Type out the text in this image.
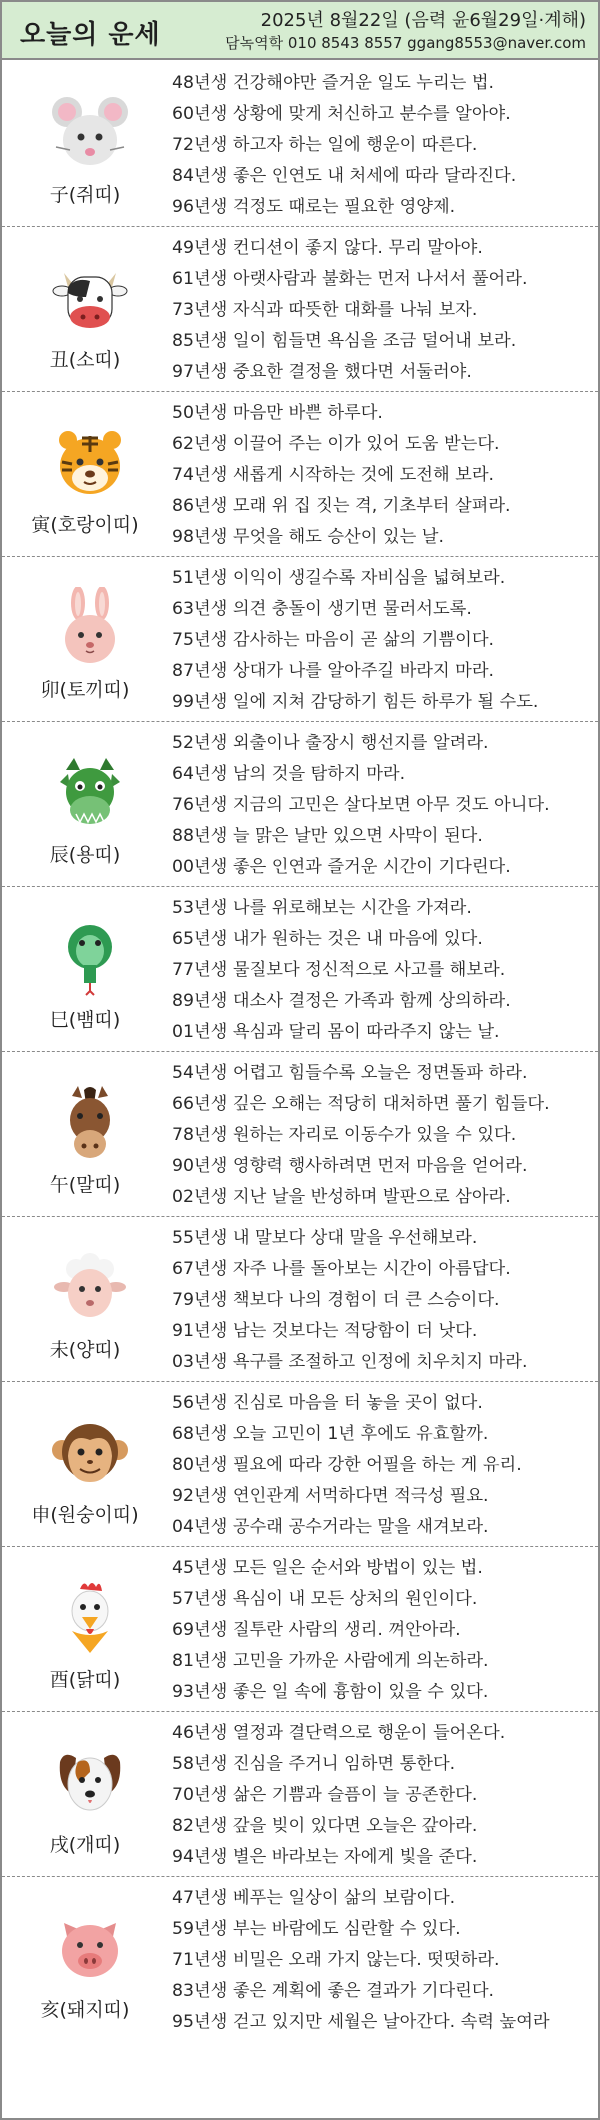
오늘의 운세	2025년 8월22일 (음력 윤6월29일·계해)
담녹역학 010 8543 8557 ggang8553@naver.com
子(쥐띠)
48년생 건강해야만 즐거운 일도 누리는 법.
60년생 상황에 맞게 처신하고 분수를 알아야.
72년생 하고자 하는 일에 행운이 따른다.
84년생 좋은 인연도 내 처세에 따라 달라진다.
96년생 걱정도 때로는 필요한 영양제.
丑(소띠)
49년생 컨디션이 좋지 않다. 무리 말아야.
61년생 아랫사람과 불화는 먼저 나서서 풀어라.
73년생 자식과 따뜻한 대화를 나눠 보자.
85년생 일이 힘들면 욕심을 조금 덜어내 보라.
97년생 중요한 결정을 했다면 서둘러야.
寅(호랑이띠)
50년생 마음만 바쁜 하루다.
62년생 이끌어 주는 이가 있어 도움 받는다.
74년생 새롭게 시작하는 것에 도전해 보라.
86년생 모래 위 집 짓는 격, 기초부터 살펴라.
98년생 무엇을 해도 승산이 있는 날.
卯(토끼띠)
51년생 이익이 생길수록 자비심을 넓혀보라.
63년생 의견 충돌이 생기면 물러서도록.
75년생 감사하는 마음이 곧 삶의 기쁨이다.
87년생 상대가 나를 알아주길 바라지 마라.
99년생 일에 지쳐 감당하기 힘든 하루가 될 수도.
辰(용띠)
52년생 외출이나 출장시 행선지를 알려라.
64년생 남의 것을 탐하지 마라.
76년생 지금의 고민은 살다보면 아무 것도 아니다.
88년생 늘 맑은 날만 있으면 사막이 된다.
00년생 좋은 인연과 즐거운 시간이 기다린다.
巳(뱀띠)
53년생 나를 위로해보는 시간을 가져라.
65년생 내가 원하는 것은 내 마음에 있다.
77년생 물질보다 정신적으로 사고를 해보라.
89년생 대소사 결정은 가족과 함께 상의하라.
01년생 욕심과 달리 몸이 따라주지 않는 날.
午(말띠)
54년생 어렵고 힘들수록 오늘은 정면돌파 하라.
66년생 깊은 오해는 적당히 대처하면 풀기 힘들다.
78년생 원하는 자리로 이동수가 있을 수 있다.
90년생 영향력 행사하려면 먼저 마음을 얻어라.
02년생 지난 날을 반성하며 발판으로 삼아라.
未(양띠)
55년생 내 말보다 상대 말을 우선해보라.
67년생 자주 나를 돌아보는 시간이 아름답다.
79년생 책보다 나의 경험이 더 큰 스승이다.
91년생 남는 것보다는 적당함이 더 낫다.
03년생 욕구를 조절하고 인정에 치우치지 마라.
申(원숭이띠)
56년생 진심로 마음을 터 놓을 곳이 없다.
68년생 오늘 고민이 1년 후에도 유효할까.
80년생 필요에 따라 강한 어필을 하는 게 유리.
92년생 연인관계 서먹하다면 적극성 필요.
04년생 공수래 공수거라는 말을 새겨보라.
酉(닭띠)
45년생 모든 일은 순서와 방법이 있는 법.
57년생 욕심이 내 모든 상처의 원인이다.
69년생 질투란 사람의 생리. 껴안아라.
81년생 고민을 가까운 사람에게 의논하라.
93년생 좋은 일 속에 흉함이 있을 수 있다.
戌(개띠)
46년생 열정과 결단력으로 행운이 들어온다.
58년생 진심을 주거니 임하면 통한다.
70년생 삶은 기쁨과 슬픔이 늘 공존한다.
82년생 갚을 빚이 있다면 오늘은 갚아라.
94년생 별은 바라보는 자에게 빛을 준다.
亥(돼지띠)
47년생 베푸는 일상이 삶의 보람이다.
59년생 부는 바람에도 심란할 수 있다.
71년생 비밀은 오래 가지 않는다. 떳떳하라.
83년생 좋은 계획에 좋은 결과가 기다린다.
95년생 걷고 있지만 세월은 날아간다. 속력 높여라
